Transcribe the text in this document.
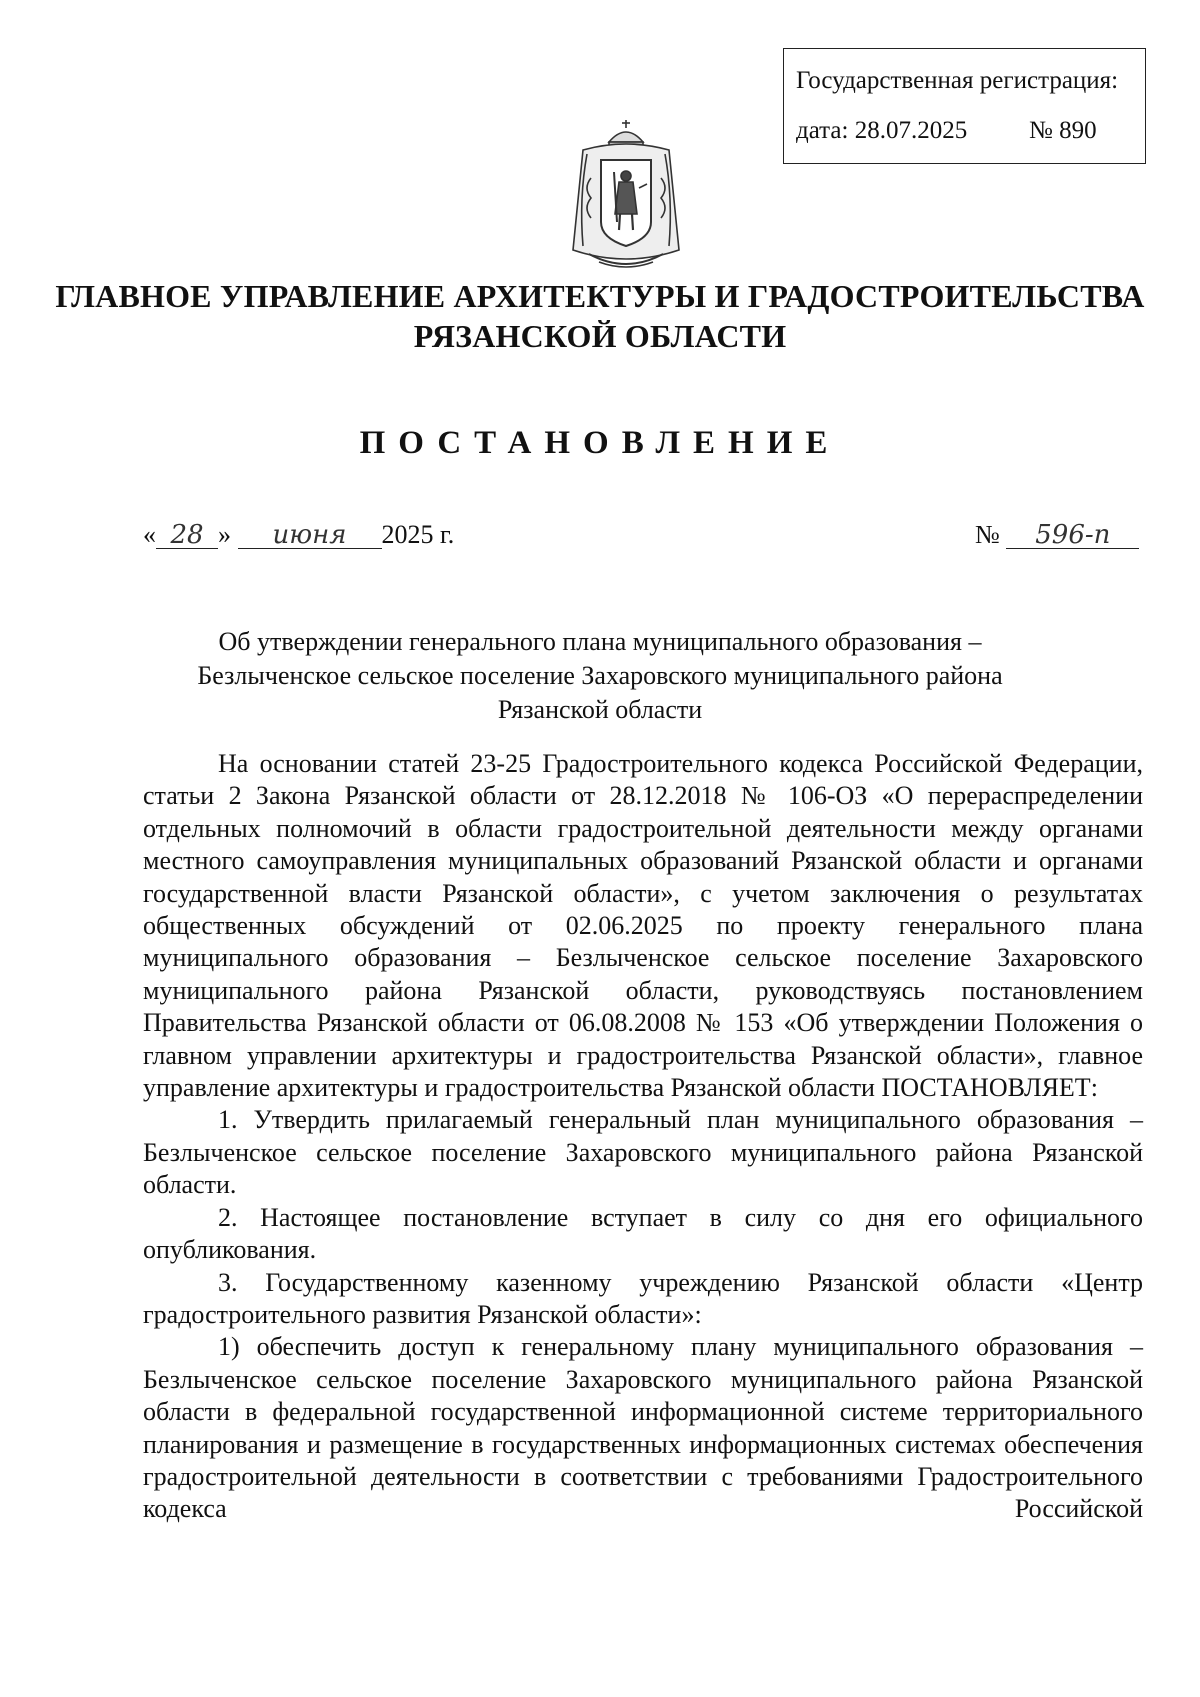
Государственная регистрация:
дата: 28.07.2025 № 890
ГЛАВНОЕ УПРАВЛЕНИЕ АРХИТЕКТУРЫ И ГРАДОСТРОИТЕЛЬСТВА
РЯЗАНСКОЙ ОБЛАСТИ
ПОСТАНОВЛЕНИЕ
« 28 » июня 2025 г.	№ 596-п
Об утверждении генерального плана муниципального образования –
Безлыченское сельское поселение Захаровского муниципального района
Рязанской области

На основании статей 23-25 Градостроительного кодекса Российской Федерации, статьи 2 Закона Рязанской области от 28.12.2018 № 106-ОЗ «О перераспределении отдельных полномочий в области градостроительной деятельности между органами местного самоуправления муниципальных образований Рязанской области и органами государственной власти Рязанской области», с учетом заключения о результатах общественных обсуждений от 02.06.2025 по проекту генерального плана муниципального образования – Безлыченское сельское поселение Захаровского муниципального района Рязанской области, руководствуясь постановлением Правительства Рязанской области от 06.08.2008 № 153 «Об утверждении Положения о главном управлении архитектуры и градостроительства Рязанской области», главное управление архитектуры и градостроительства Рязанской области ПОСТАНОВЛЯЕТ:

1. Утвердить прилагаемый генеральный план муниципального образования – Безлыченское сельское поселение Захаровского муниципального района Рязанской области.

2. Настоящее постановление вступает в силу со дня его официального опубликования.

3. Государственному казенному учреждению Рязанской области «Центр градостроительного развития Рязанской области»:

1) обеспечить доступ к генеральному плану муниципального образования – Безлыченское сельское поселение Захаровского муниципального района Рязанской области в федеральной государственной информационной системе территориального планирования и размещение в государственных информационных системах обеспечения градостроительной деятельности в соответствии с требованиями Градостроительного кодекса Российской
